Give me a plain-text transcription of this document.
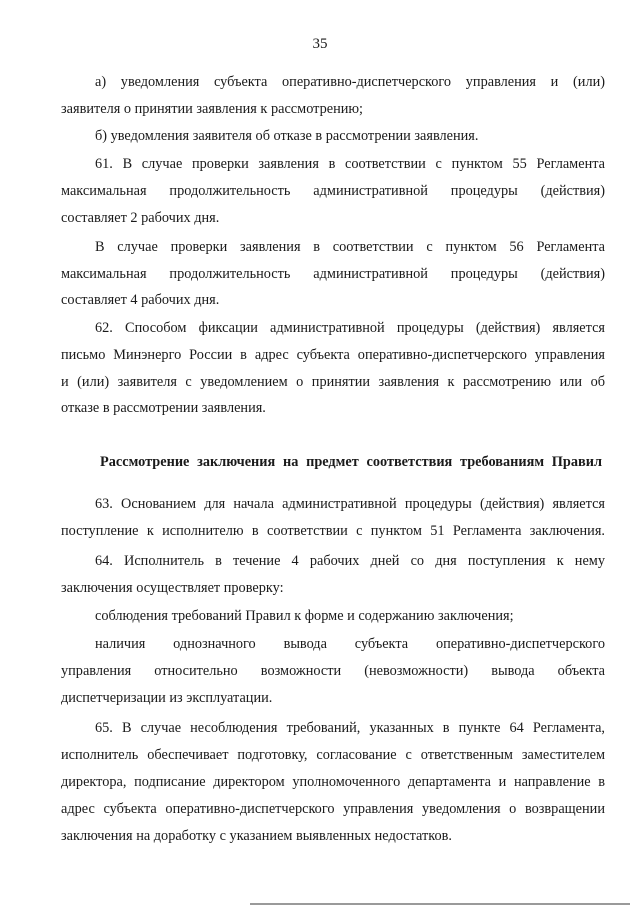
35
а) уведомления субъекта оперативно-диспетчерского управления и (или)
заявителя о принятии заявления к рассмотрению;
б) уведомления заявителя об отказе в рассмотрении заявления.
61. В случае проверки заявления в соответствии с пунктом 55 Регламента
максимальная продолжительность административной процедуры (действия)
составляет 2 рабочих дня.
В случае проверки заявления в соответствии с пунктом 56 Регламента
максимальная продолжительность административной процедуры (действия)
составляет 4 рабочих дня.
62. Способом фиксации административной процедуры (действия) является
письмо Минэнерго России в адрес субъекта оперативно-диспетчерского управления
и (или) заявителя с уведомлением о принятии заявления к рассмотрению или об
отказе в рассмотрении заявления.
Рассмотрение заключения на предмет соответствия требованиям Правил
63. Основанием для начала административной процедуры (действия) является
поступление к исполнителю в соответствии с пунктом 51 Регламента заключения.
64. Исполнитель в течение 4 рабочих дней со дня поступления к нему
заключения осуществляет проверку:
соблюдения требований Правил к форме и содержанию заключения;
наличия однозначного вывода субъекта оперативно-диспетчерского
управления относительно возможности (невозможности) вывода объекта
диспетчеризации из эксплуатации.
65. В случае несоблюдения требований, указанных в пункте 64 Регламента,
исполнитель обеспечивает подготовку, согласование с ответственным заместителем
директора, подписание директором уполномоченного департамента и направление в
адрес субъекта оперативно-диспетчерского управления уведомления о возвращении
заключения на доработку с указанием выявленных недостатков.
